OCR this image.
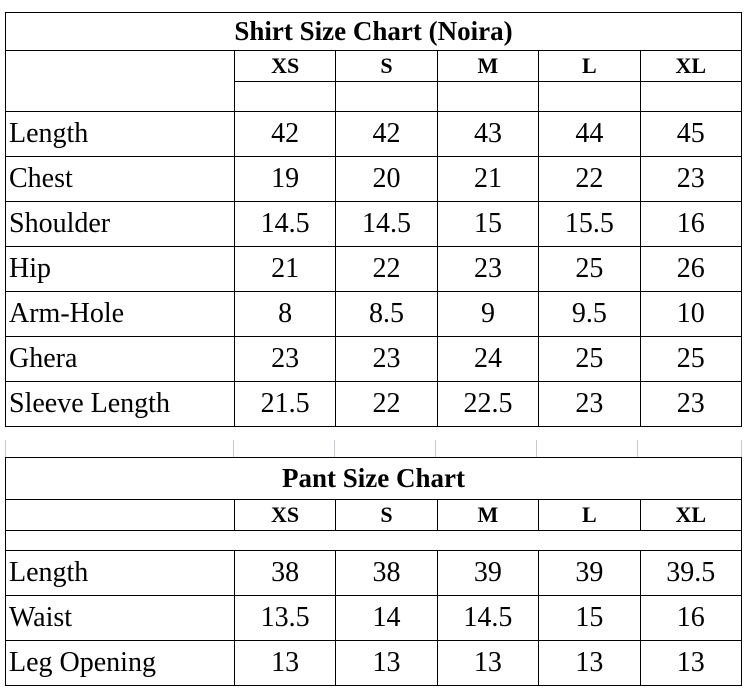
Shirt Size Chart (Noira)					
	XS	S	M	L	XL

Length	42	42	43	44	45
Chest	19	20	21	22	23
Shoulder	14.5	14.5	15	15.5	16
Hip	21	22	23	25	26
Arm-Hole	8	8.5	9	9.5	10
Ghera	23	23	24	25	25
Sleeve Length	21.5	22	22.5	23	23
Pant Size Chart					
	XS	S	M	L	XL

Length	38	38	39	39	39.5
Waist	13.5	14	14.5	15	16
Leg Opening	13	13	13	13	13
